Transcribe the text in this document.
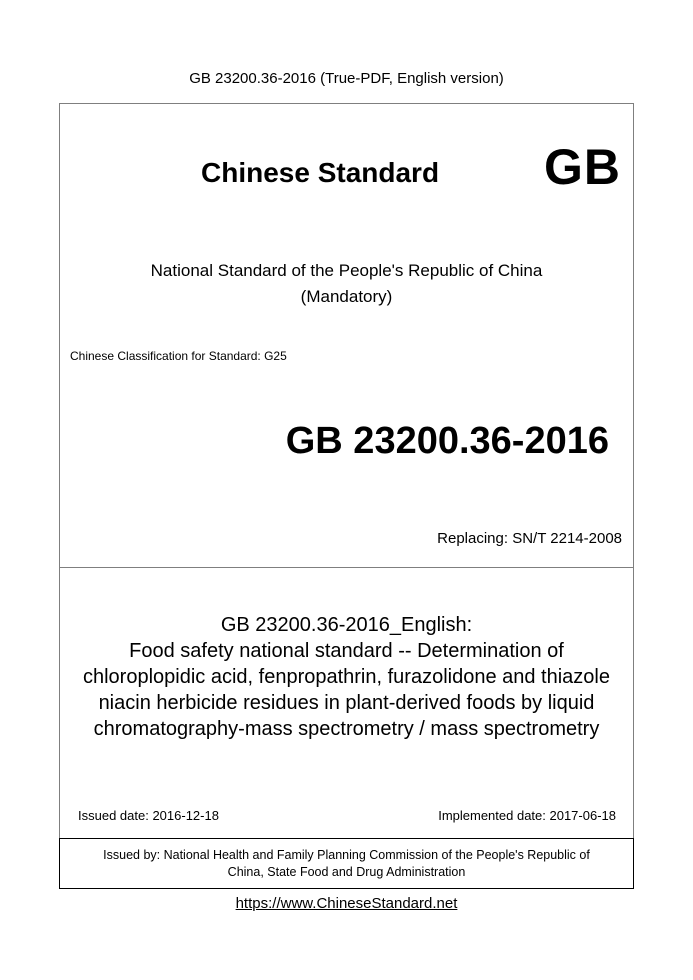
GB 23200.36-2016 (True-PDF, English version)
Chinese Standard GB
National Standard of the People's Republic of China
(Mandatory)
Chinese Classification for Standard: G25
GB 23200.36-2016
Replacing: SN/T 2214-2008
GB 23200.36-2016_English:
Food safety national standard -- Determination of
chloroplopidic acid, fenpropathrin, furazolidone and thiazole
niacin herbicide residues in plant-derived foods by liquid
chromatography-mass spectrometry / mass spectrometry
Issued date: 2016-12-18	Implemented date: 2017-06-18
Issued by: National Health and Family Planning Commission of the People's Republic of
China, State Food and Drug Administration
https://www.ChineseStandard.net
